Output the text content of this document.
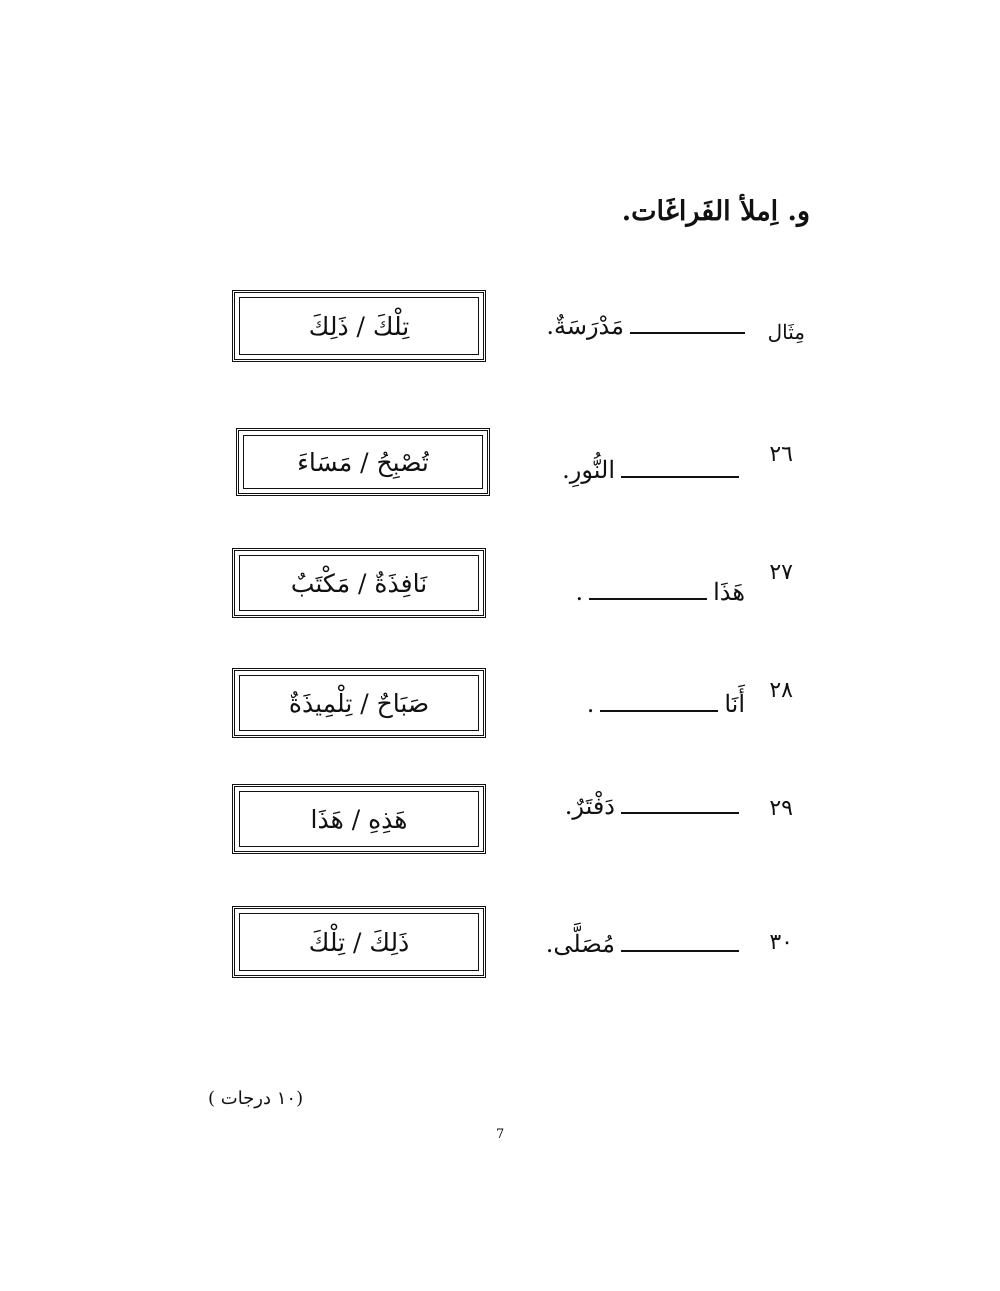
و. اِملأ الفَراغَات.
مِثَال
مَدْرَسَةٌ.
تِلْكَ / ذَلِكَ
٢٦
النُّورِ.
تُصْبِحُ / مَسَاءَ
٢٧
هَذَا
.
نَافِذَةٌ / مَكْتَبٌ
٢٨
أَنَا
.
صَبَاحٌ / تِلْمِيذَةٌ
٢٩
دَفْتَرٌ.
هَذِهِ / هَذَا
٣٠
مُصَلَّى.
ذَلِكَ / تِلْكَ
(١٠ درجات )
7
